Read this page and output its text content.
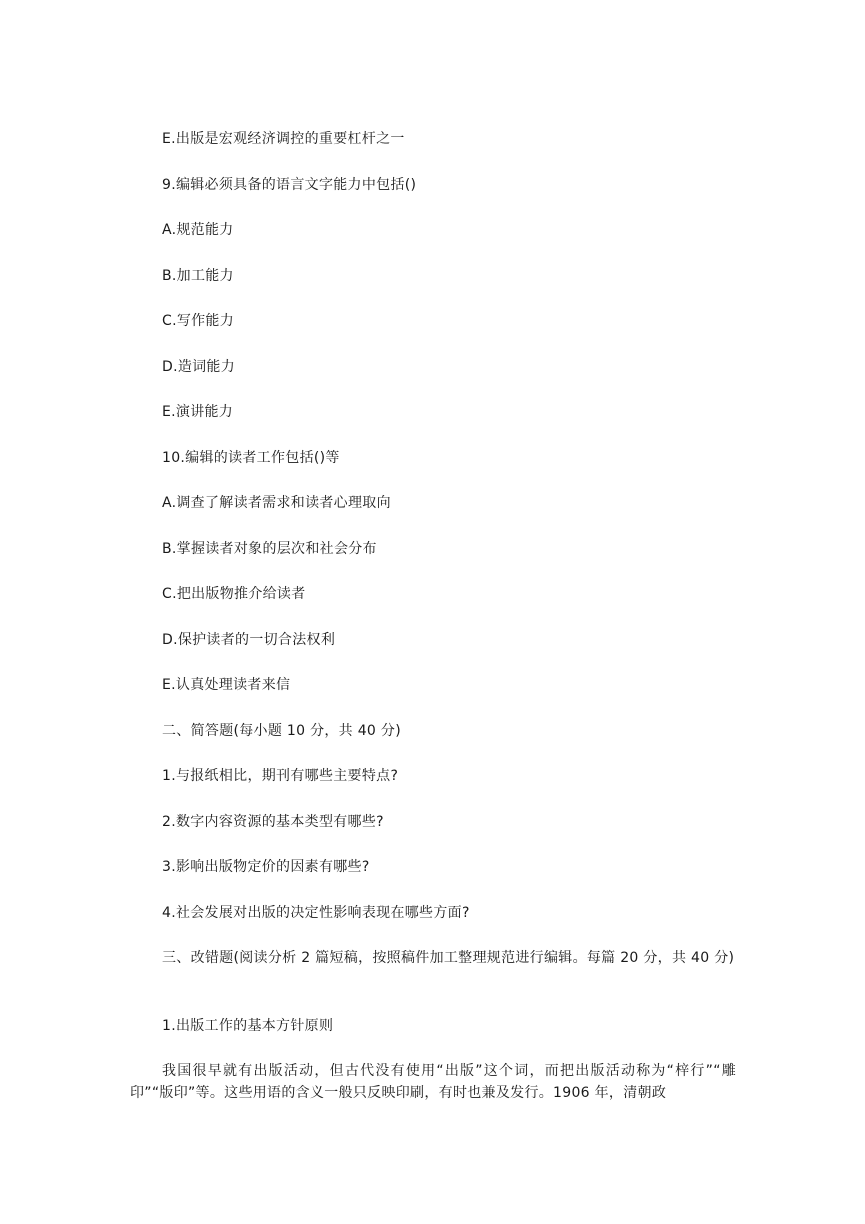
E.出版是宏观经济调控的重要杠杆之一
9.编辑必须具备的语言文字能力中包括()
A.规范能力
B.加工能力
C.写作能力
D.造词能力
E.演讲能力
10.编辑的读者工作包括()等
A.调查了解读者需求和读者心理取向
B.掌握读者对象的层次和社会分布
C.把出版物推介给读者
D.保护读者的一切合法权利
E.认真处理读者来信
二、简答题(每小题 10 分，共 40 分)
1.与报纸相比，期刊有哪些主要特点?
2.数字内容资源的基本类型有哪些?
3.影响出版物定价的因素有哪些?
4.社会发展对出版的决定性影响表现在哪些方面?
三、改错题(阅读分析 2 篇短稿，按照稿件加工整理规范进行编辑。每篇 20 分，共 40 分)
1.出版工作的基本方针原则
我国很早就有出版活动，但古代没有使用“出版”这个词，而把出版活动称为“梓行”“雕印”“版印”等。这些用语的含义一般只反映印刷，有时也兼及发行。1906 年，清朝政
